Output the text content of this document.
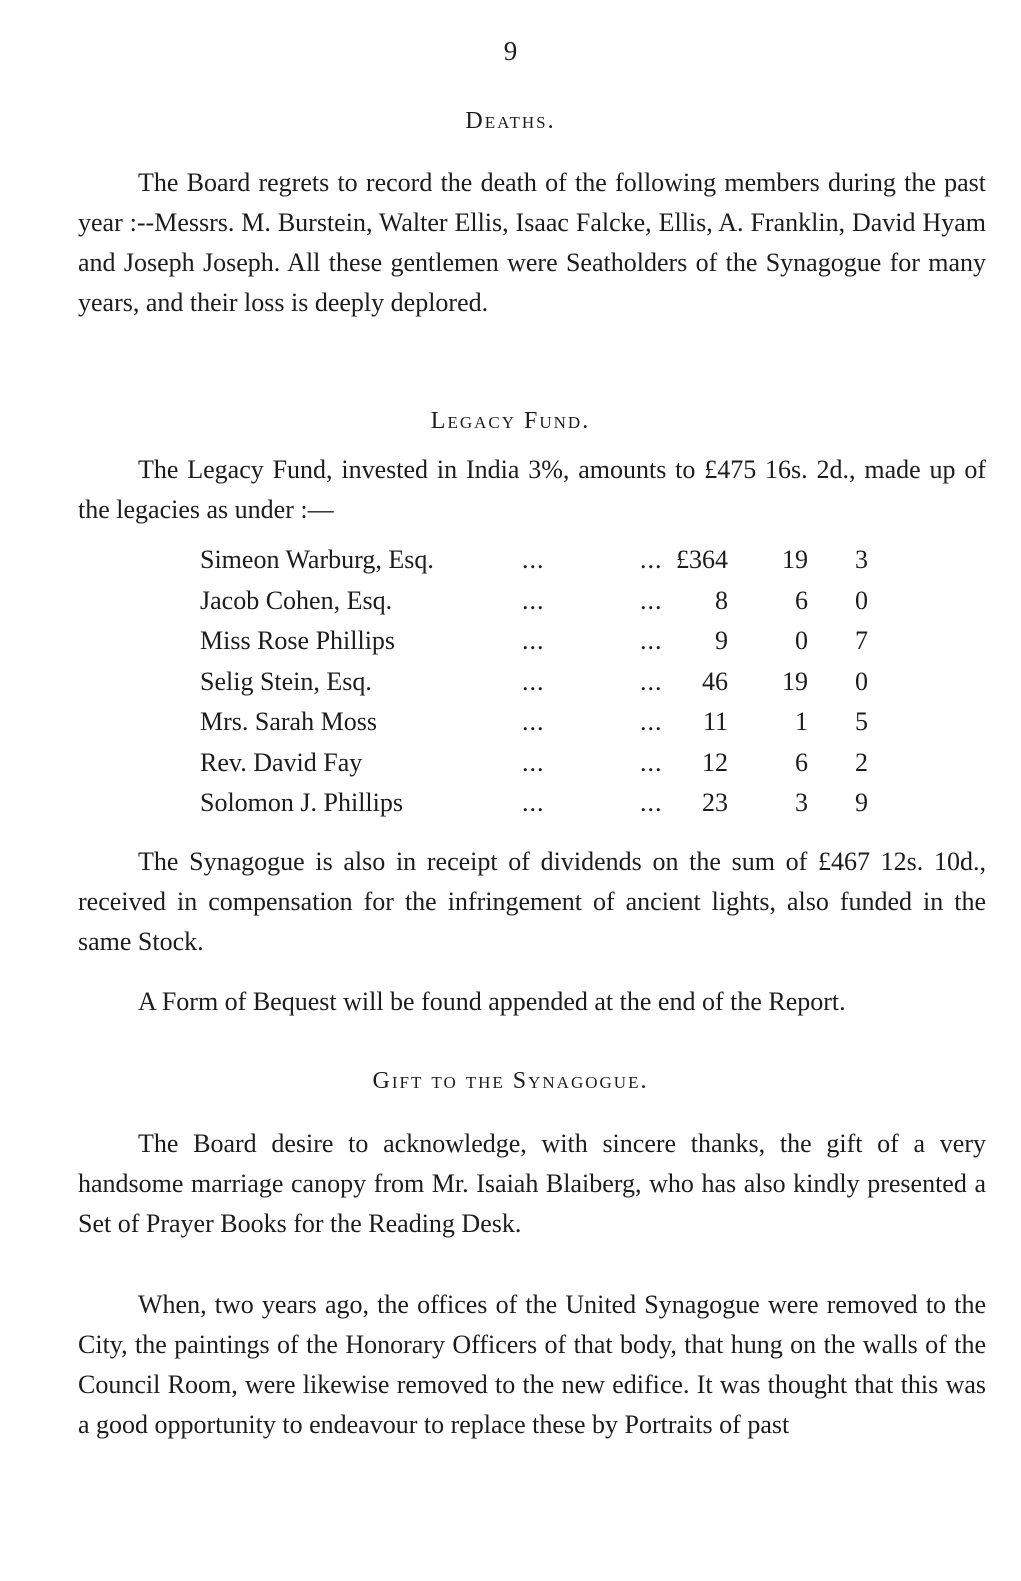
9
Deaths.

The Board regrets to record the death of the following members during the past year :--Messrs. M. Burstein, Walter Ellis, Isaac Falcke, Ellis, A. Franklin, David Hyam and Joseph Joseph. All these gentlemen were Seatholders of the Synagogue for many years, and their loss is deeply deplored.

Legacy Fund.

The Legacy Fund, invested in India 3%, amounts to £475 16s. 2d., made up of the legacies as under :—

Simeon Warburg, Esq.	...	... £364 19 3
Jacob Cohen, Esq.	...	... 8	6 0
Miss Rose Phillips	...	... 9	0 7
Selig Stein, Esq.	...	... 46 19 0
Mrs. Sarah Moss	...	... 11	1 5
Rev. David Fay	...	... 12	6 2
Solomon J. Phillips	...	... 23	3 9

The Synagogue is also in receipt of dividends on the sum of £467 12s. 10d., received in compensation for the infringement of ancient lights, also funded in the same Stock.

A Form of Bequest will be found appended at the end of the Report.

Gift to the Synagogue.

The Board desire to acknowledge, with sincere thanks, the gift of a very handsome marriage canopy from Mr. Isaiah Blaiberg, who has also kindly presented a Set of Prayer Books for the Reading Desk.

When, two years ago, the offices of the United Synagogue were removed to the City, the paintings of the Honorary Officers of that body, that hung on the walls of the Council Room, were likewise removed to the new edifice. It was thought that this was a good opportunity to endeavour to replace these by Portraits of past
